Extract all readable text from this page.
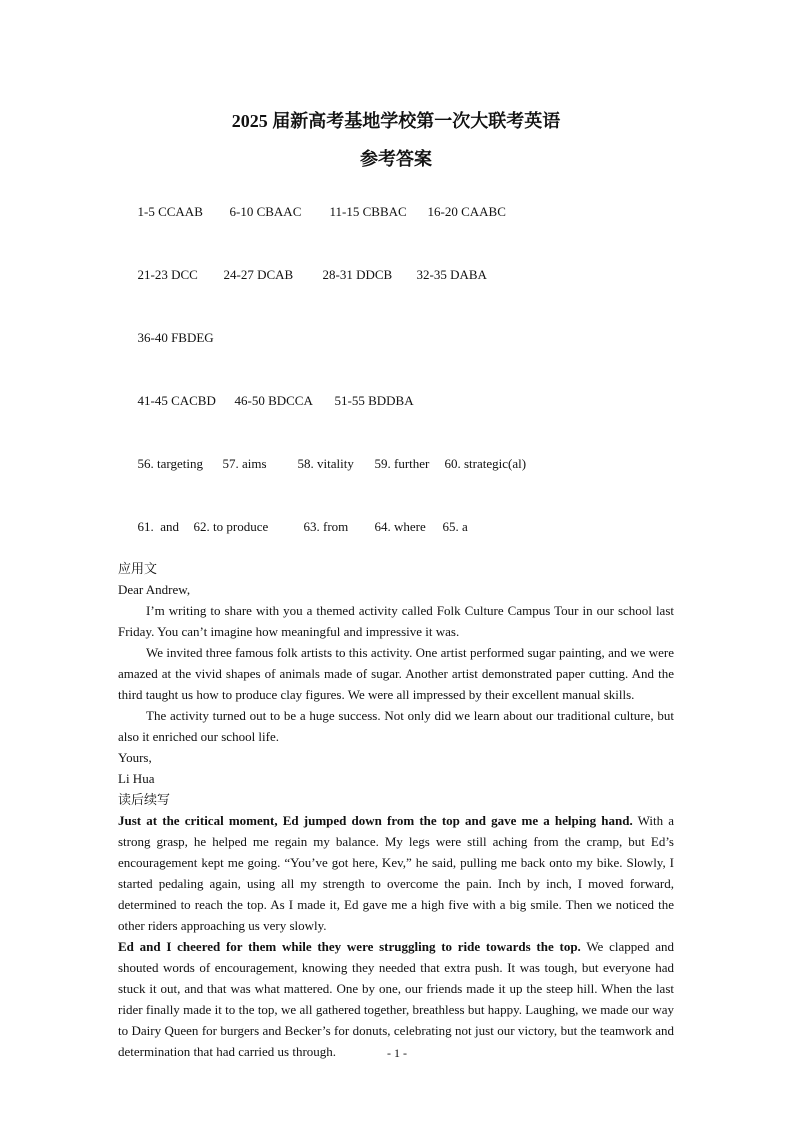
2025 届新高考基地学校第一次大联考英语
参考答案

1-5 CCAAB 6-10 CBAAC 11-15 CBBAC 16-20 CAABC

21-23 DCC 24-27 DCAB 28-31 DDCB 32-35 DABA

36-40 FBDEG

41-45 CACBD 46-50 BDCCA 51-55 BDDBA

56. targeting 57. aims 58. vitality 59. further 60. strategic(al)

61.  and 62. to produce	63. from 64. where 65. a

应用文
Dear Andrew,

I’m writing to share with you a themed activity called Folk Culture Campus Tour in our school last Friday. You can’t imagine how meaningful and impressive it was.

We invited three famous folk artists to this activity. One artist performed sugar painting, and we were amazed at the vivid shapes of animals made of sugar. Another artist demonstrated paper cutting. And the third taught us how to produce clay figures. We were all impressed by their excellent manual skills.

The activity turned out to be a huge success. Not only did we learn about our traditional culture, but also it enriched our school life.

Yours,
Li Hua
读后续写

Just at the critical moment, Ed jumped down from the top and gave me a helping hand. With a strong grasp, he helped me regain my balance. My legs were still aching from the cramp, but Ed’s encouragement kept me going. “You’ve got here, Kev,” he said, pulling me back onto my bike. Slowly, I started pedaling again, using all my strength to overcome the pain. Inch by inch, I moved forward, determined to reach the top. As I made it, Ed gave me a high five with a big smile. Then we noticed the other riders approaching us very slowly.

Ed and I cheered for them while they were struggling to ride towards the top. We clapped and shouted words of encouragement, knowing they needed that extra push. It was tough, but everyone had stuck it out, and that was what mattered. One by one, our friends made it up the steep hill. When the last rider finally made it to the top, we all gathered together, breathless but happy. Laughing, we made our way to Dairy Queen for burgers and Becker’s for donuts, celebrating not just our victory, but the teamwork and determination that had carried us through.	- 1 -
